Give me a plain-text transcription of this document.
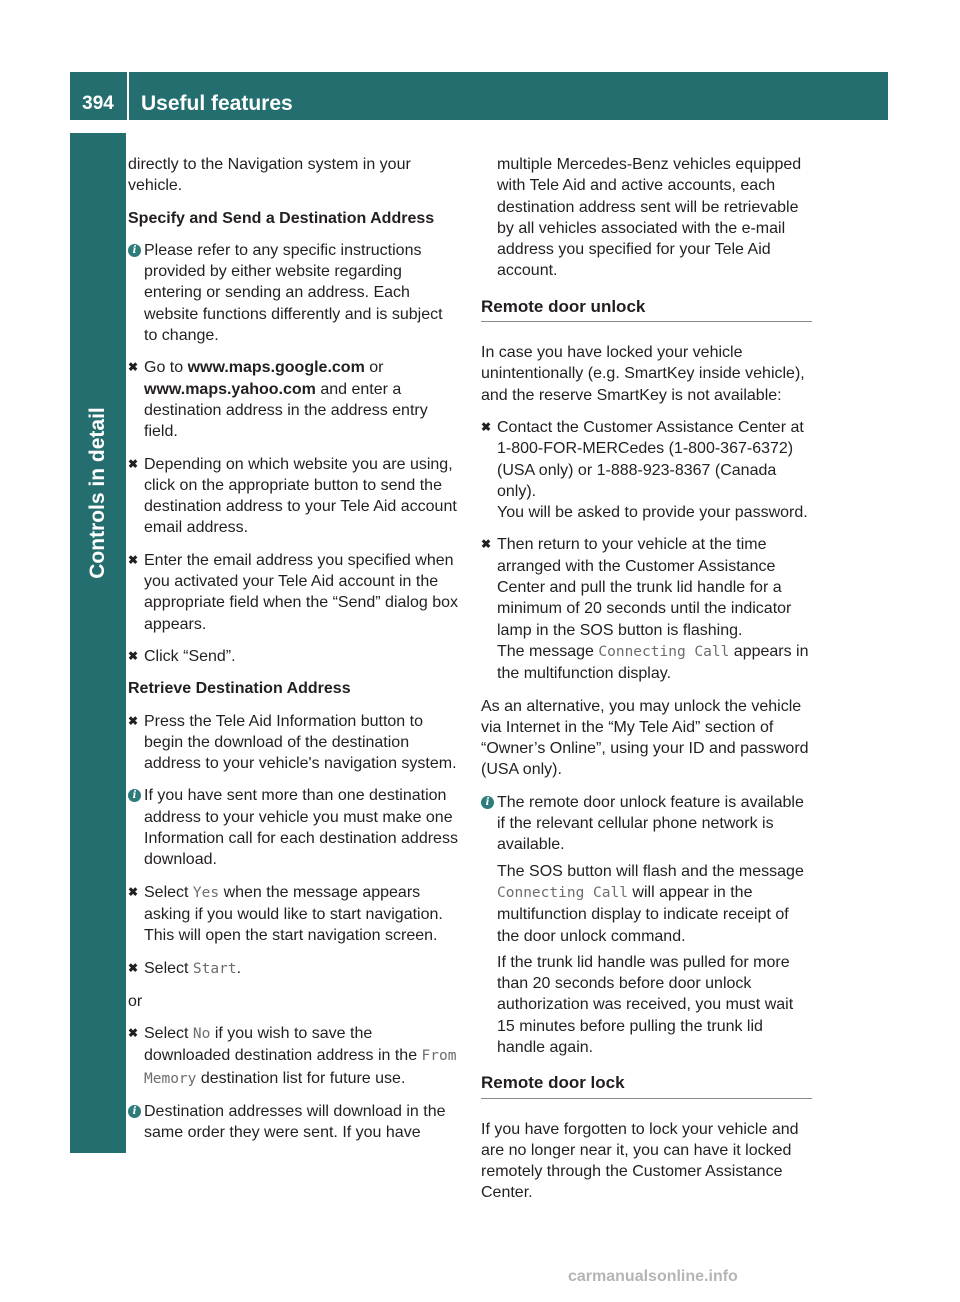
394	Useful features
Controls in detail

directly to the Navigation system in your vehicle.

Specify and Send a Destination Address
i Please refer to any specific instructions provided by either website regarding entering or sending an address. Each website functions differently and is subject to change.
✖ Go to www.maps.google.com or www.maps.yahoo.com and enter a destination address in the address entry field.
✖ Depending on which website you are using, click on the appropriate button to send the destination address to your Tele Aid account email address.
✖ Enter the email address you specified when you activated your Tele Aid account in the appropriate field when the “Send” dialog box appears.
✖ Click “Send”.
Retrieve Destination Address
✖ Press the Tele Aid Information button to begin the download of the destination address to your vehicle's navigation system.
i If you have sent more than one destination address to your vehicle you must make one Information call for each destination address download.
✖ Select Yes when the message appears asking if you would like to start navigation. This will open the start navigation screen.
✖ Select Start.

or

✖ Select No if you wish to save the downloaded destination address in the From Memory destination list for future use.
i Destination addresses will download in the same order they were sent. If you have

multiple Mercedes-Benz vehicles equipped with Tele Aid and active accounts, each destination address sent will be retrievable by all vehicles associated with the e-mail address you specified for your Tele Aid account.

Remote door unlock

In case you have locked your vehicle unintentionally (e.g. SmartKey inside vehicle), and the reserve SmartKey is not available:

✖ Contact the Customer Assistance Center at 1-800-FOR-MERCedes (1-800-367-6372) (USA only) or 1-888-923-8367 (Canada only).
You will be asked to provide your password.
✖ Then return to your vehicle at the time arranged with the Customer Assistance Center and pull the trunk lid handle for a minimum of 20 seconds until the indicator lamp in the SOS button is flashing.
The message Connecting Call appears in the multifunction display.

As an alternative, you may unlock the vehicle via Internet in the “My Tele Aid” section of “Owner’s Online”, using your ID and password (USA only).

i The remote door unlock feature is available if the relevant cellular phone network is available.
The SOS button will flash and the message Connecting Call will appear in the multifunction display to indicate receipt of the door unlock command.
If the trunk lid handle was pulled for more than 20 seconds before door unlock authorization was received, you must wait 15 minutes before pulling the trunk lid handle again.
Remote door lock

If you have forgotten to lock your vehicle and are no longer near it, you can have it locked remotely through the Customer Assistance Center.

carmanualsonline.info
